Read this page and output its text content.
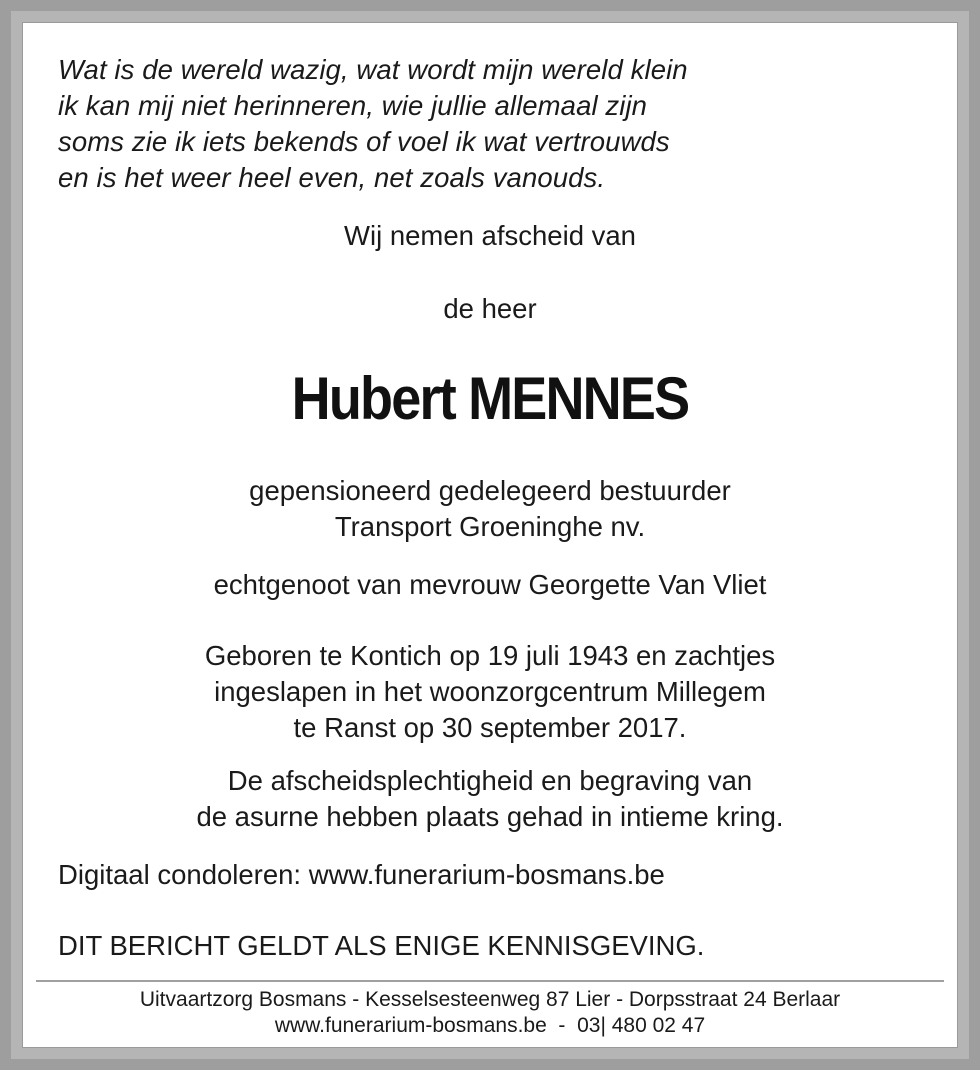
Wat is de wereld wazig, wat wordt mijn wereld klein
ik kan mij niet herinneren, wie jullie allemaal zijn
soms zie ik iets bekends of voel ik wat vertrouwds
en is het weer heel even, net zoals vanouds.
Wij nemen afscheid van
de heer
Hubert MENNES
gepensioneerd gedelegeerd bestuurder
Transport Groeninghe nv.
echtgenoot van mevrouw Georgette Van Vliet
Geboren te Kontich op 19 juli 1943 en zachtjes
ingeslapen in het woonzorgcentrum Millegem
te Ranst op 30 september 2017.
De afscheidsplechtigheid en begraving van
de asurne hebben plaats gehad in intieme kring.
Digitaal condoleren: www.funerarium-bosmans.be
DIT BERICHT GELDT ALS ENIGE KENNISGEVING.
Uitvaartzorg Bosmans - Kesselsesteenweg 87 Lier - Dorpsstraat 24 Berlaar
www.funerarium-bosmans.be  -  03| 480 02 47
